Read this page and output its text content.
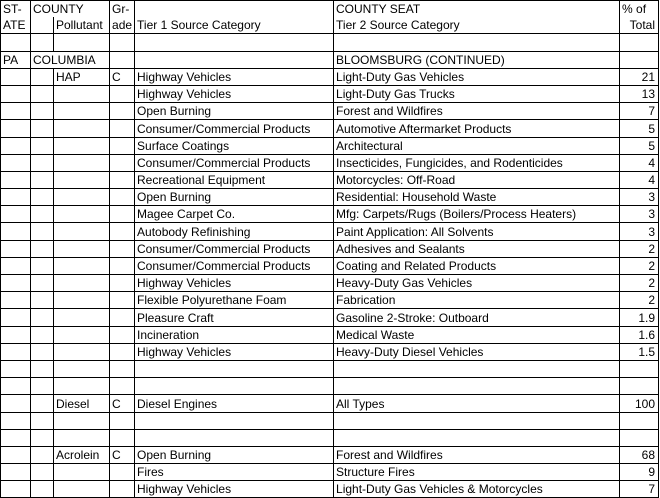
ST-	COUNTY		Gr-		COUNTY SEAT	% of
ATE		Pollutant	ade	Tier 1 Source Category	Tier 2 Source Category	Total

PA	COLUMBIA				BLOOMSBURG (CONTINUED)	
		HAP	C	Highway Vehicles	Light-Duty Gas Vehicles	21
				Highway Vehicles	Light-Duty Gas Trucks	13
				Open Burning	Forest and Wildfires	7
				Consumer/Commercial Products	Automotive Aftermarket Products	5
				Surface Coatings	Architectural	5
				Consumer/Commercial Products	Insecticides, Fungicides, and Rodenticides	4
				Recreational Equipment	Motorcycles: Off-Road	4
				Open Burning	Residential: Household Waste	3
				Magee Carpet Co.	Mfg: Carpets/Rugs (Boilers/Process Heaters)	3
				Autobody Refinishing	Paint Application: All Solvents	3
				Consumer/Commercial Products	Adhesives and Sealants	2
				Consumer/Commercial Products	Coating and Related Products	2
				Highway Vehicles	Heavy-Duty Gas Vehicles	2
				Flexible Polyurethane Foam	Fabrication	2
				Pleasure Craft	Gasoline 2-Stroke: Outboard	1.9
				Incineration	Medical Waste	1.6
				Highway Vehicles	Heavy-Duty Diesel Vehicles	1.5

		Diesel	C	Diesel Engines	All Types	100

		Acrolein	C	Open Burning	Forest and Wildfires	68
				Fires	Structure Fires	9
				Highway Vehicles	Light-Duty Gas Vehicles & Motorcycles	7
